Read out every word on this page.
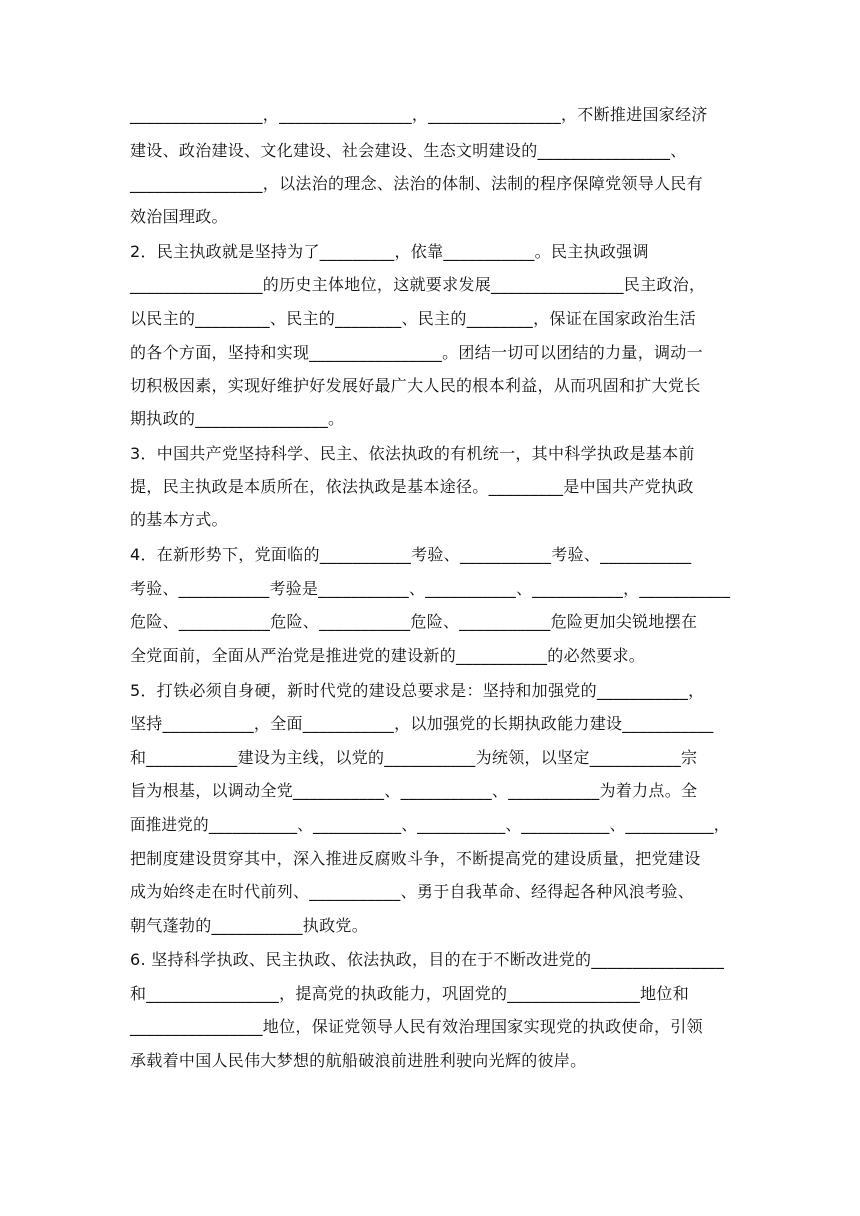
________________，________________，________________，不断推进国家经济
建设、政治建设、文化建设、社会建设、生态文明建设的________________、
________________，以法治的理念、法治的体制、法制的程序保障党领导人民有
效治国理政。
2．民主执政就是坚持为了_________，依靠___________。民主执政强调
________________的历史主体地位，这就要求发展________________民主政治，
以民主的_________、民主的________、民主的________，保证在国家政治生活
的各个方面，坚持和实现________________。团结一切可以团结的力量，调动一
切积极因素，实现好维护好发展好最广大人民的根本利益，从而巩固和扩大党长
期执政的________________。
3．中国共产党坚持科学、民主、依法执政的有机统一，其中科学执政是基本前
提，民主执政是本质所在，依法执政是基本途径。_________是中国共产党执政
的基本方式。
4．在新形势下，党面临的___________考验、___________考验、___________
考验、___________考验是___________、___________、___________，___________
危险、___________危险、___________危险、___________危险更加尖锐地摆在
全党面前，全面从严治党是推进党的建设新的___________的必然要求。
5．打铁必须自身硬，新时代党的建设总要求是：坚持和加强党的___________，
坚持___________，全面___________，以加强党的长期执政能力建设___________
和___________建设为主线，以党的___________为统领，以坚定___________宗
旨为根基，以调动全党___________、___________、___________为着力点。全
面推进党的___________、___________、___________、___________、___________，
把制度建设贯穿其中，深入推进反腐败斗争，不断提高党的建设质量，把党建设
成为始终走在时代前列、___________、勇于自我革命、经得起各种风浪考验、
朝气蓬勃的___________执政党。
6. 坚持科学执政、民主执政、依法执政，目的在于不断改进党的________________
和________________，提高党的执政能力，巩固党的________________地位和
________________地位，保证党领导人民有效治理国家实现党的执政使命，引领
承载着中国人民伟大梦想的航船破浪前进胜利驶向光辉的彼岸。
